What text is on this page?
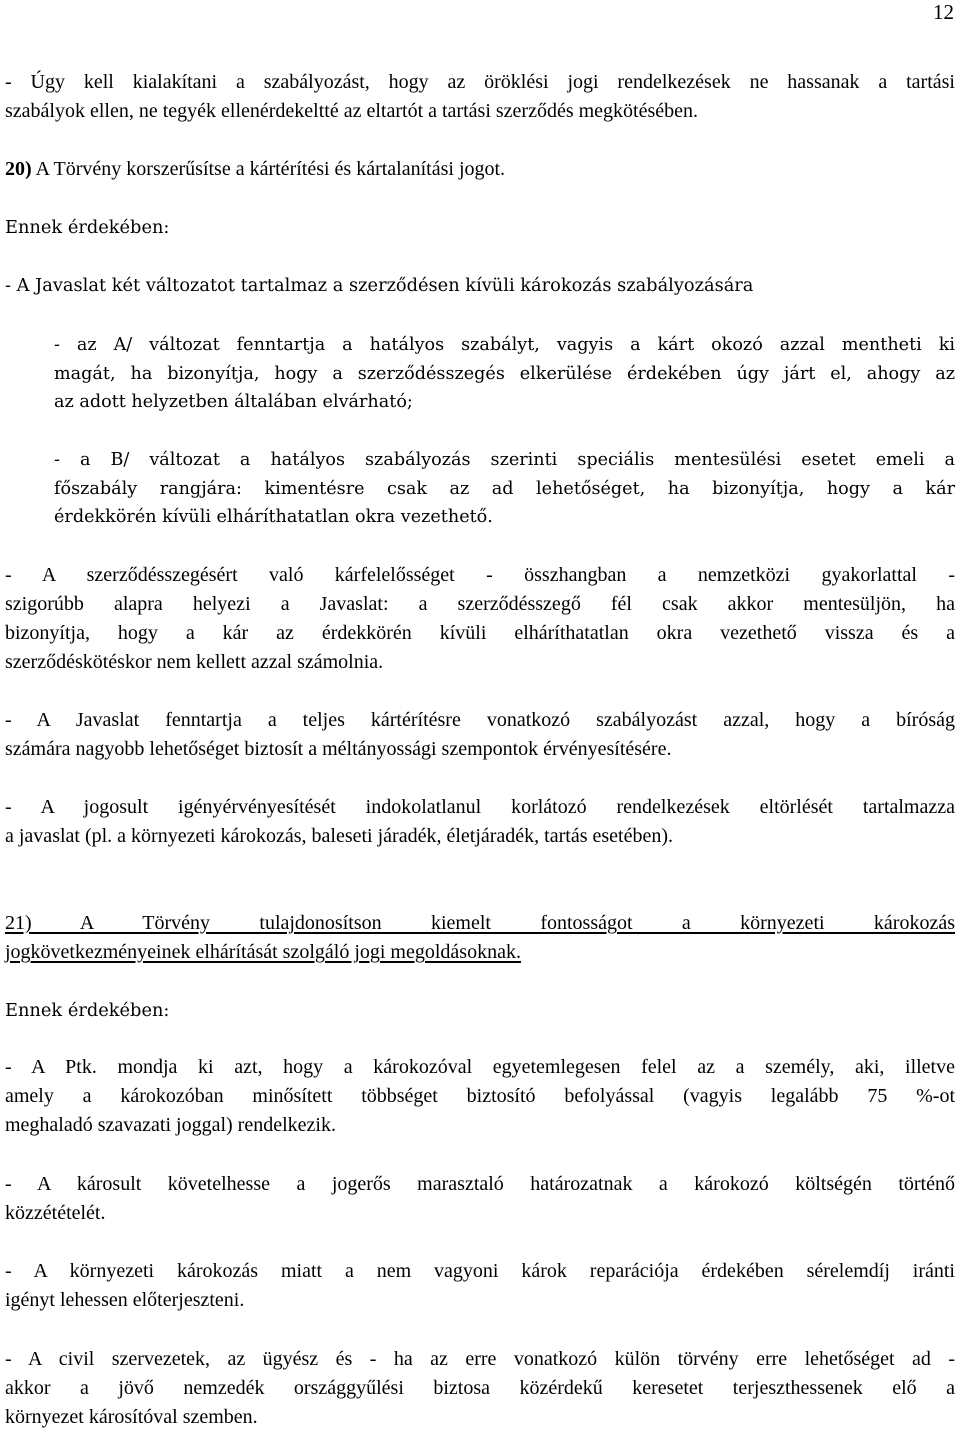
12
- Úgy kell kialakítani a szabályozást, hogy az öröklési jogi rendelkezések ne hassanak a tartási
szabályok ellen, ne tegyék ellenérdekeltté az eltartót a tartási szerződés megkötésében.
20) A Törvény korszerűsítse a kártérítési és kártalanítási jogot.
Ennek érdekében:
- A Javaslat két változatot tartalmaz a szerződésen kívüli károkozás szabályozására
- az A/ változat fenntartja a hatályos szabályt, vagyis a kárt okozó azzal mentheti ki
magát, ha bizonyítja, hogy a szerződésszegés elkerülése érdekében úgy járt el, ahogy az
az adott helyzetben általában elvárható;
- a B/ változat a hatályos szabályozás szerinti speciális mentesülési esetet emeli a
főszabály rangjára: kimentésre csak az ad lehetőséget, ha bizonyítja, hogy a kár
érdekkörén kívüli elháríthatatlan okra vezethető.
- A szerződésszegésért való kárfelelősséget - összhangban a nemzetközi gyakorlattal -
szigorúbb alapra helyezi a Javaslat: a szerződésszegő fél csak akkor mentesüljön, ha
bizonyítja, hogy a kár az érdekkörén kívüli elháríthatatlan okra vezethető vissza és a
szerződéskötéskor nem kellett azzal számolnia.
- A Javaslat fenntartja a teljes kártérítésre vonatkozó szabályozást azzal, hogy a bíróság
számára nagyobb lehetőséget biztosít a méltányossági szempontok érvényesítésére.
- A jogosult igényérvényesítését indokolatlanul korlátozó rendelkezések eltörlését tartalmazza
a javaslat (pl. a környezeti károkozás, baleseti járadék, életjáradék, tartás esetében).
21) A Törvény tulajdonosítson kiemelt fontosságot a környezeti károkozás
jogkövetkezményeinek elhárítását szolgáló jogi megoldásoknak.
Ennek érdekében:
- A Ptk. mondja ki azt, hogy a károkozóval egyetemlegesen felel az a személy, aki, illetve
amely a károkozóban minősített többséget biztosító befolyással (vagyis legalább 75 %-ot
meghaladó szavazati joggal) rendelkezik.
- A károsult követelhesse a jogerős marasztaló határozatnak a károkozó költségén történő
közzétételét.
- A környezeti károkozás miatt a nem vagyoni károk reparációja érdekében sérelemdíj iránti
igényt lehessen előterjeszteni.
- A civil szervezetek, az ügyész és - ha az erre vonatkozó külön törvény erre lehetőséget ad -
akkor a jövő nemzedék országgyűlési biztosa közérdekű keresetet terjeszthessenek elő a
környezet károsítóval szemben.
